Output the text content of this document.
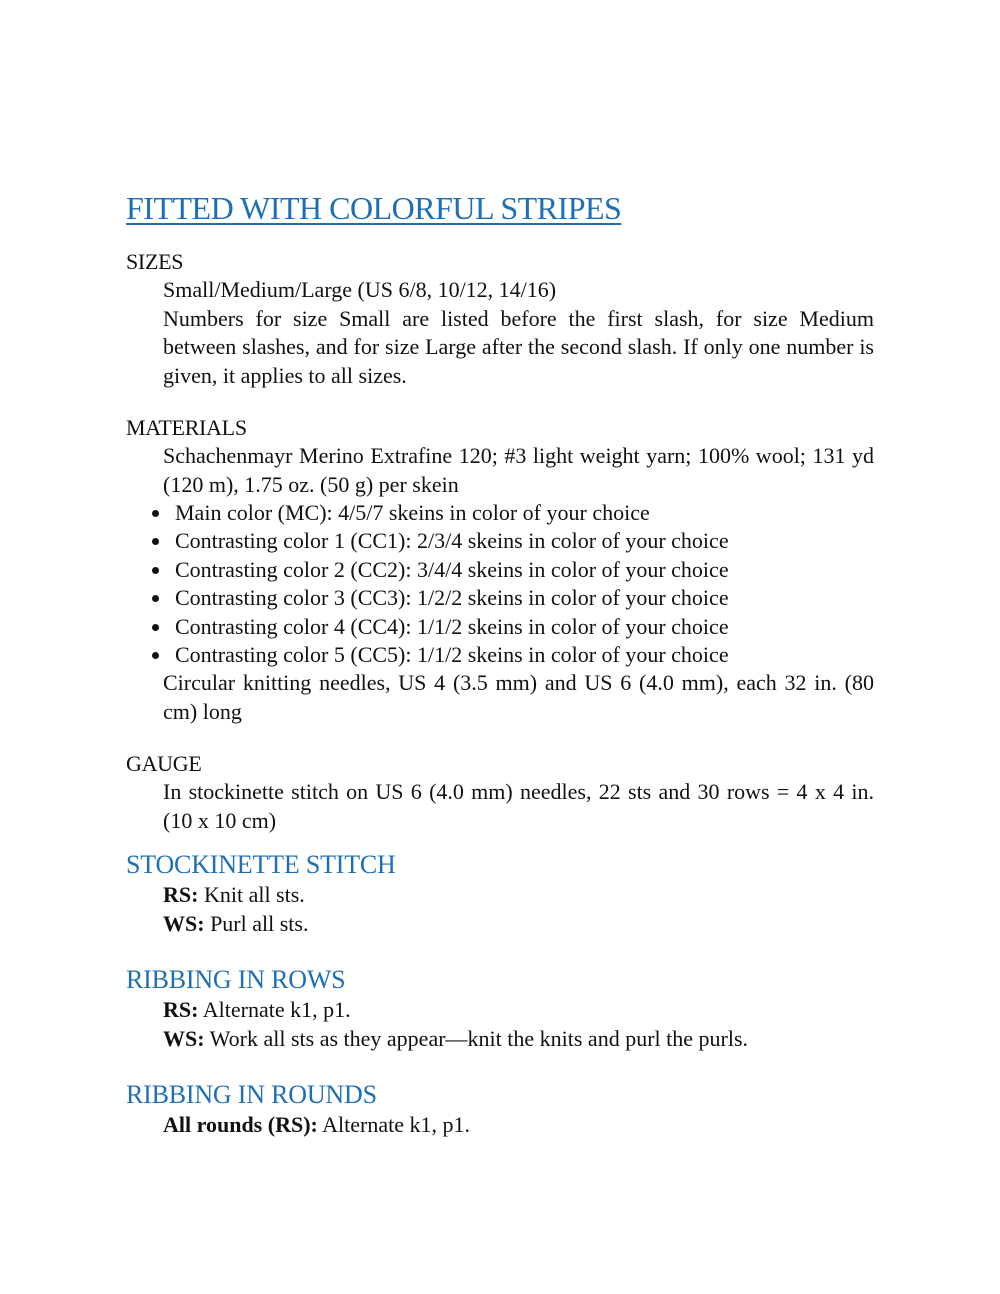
FITTED WITH COLORFUL STRIPES

SIZES

Small/Medium/Large (US 6/8, 10/12, 14/16)

Numbers for size Small are listed before the first slash, for size Medium between slashes, and for size Large after the second slash. If only one number is given, it applies to all sizes.

MATERIALS

Schachenmayr Merino Extrafine 120; #3 light weight yarn; 100% wool; 131 yd (120 m), 1.75 oz. (50 g) per skein

Main color (MC): 4/5/7 skeins in color of your choice
Contrasting color 1 (CC1): 2/3/4 skeins in color of your choice
Contrasting color 2 (CC2): 3/4/4 skeins in color of your choice
Contrasting color 3 (CC3): 1/2/2 skeins in color of your choice
Contrasting color 4 (CC4): 1/1/2 skeins in color of your choice
Contrasting color 5 (CC5): 1/1/2 skeins in color of your choice

Circular knitting needles, US 4 (3.5 mm) and US 6 (4.0 mm), each 32 in. (80 cm) long

GAUGE

In stockinette stitch on US 6 (4.0 mm) needles, 22 sts and 30 rows = 4 x 4 in. (10 x 10 cm)

STOCKINETTE STITCH

RS: Knit all sts.

WS: Purl all sts.

RIBBING IN ROWS

RS: Alternate k1, p1.

WS: Work all sts as they appear—knit the knits and purl the purls.

RIBBING IN ROUNDS

All rounds (RS): Alternate k1, p1.
